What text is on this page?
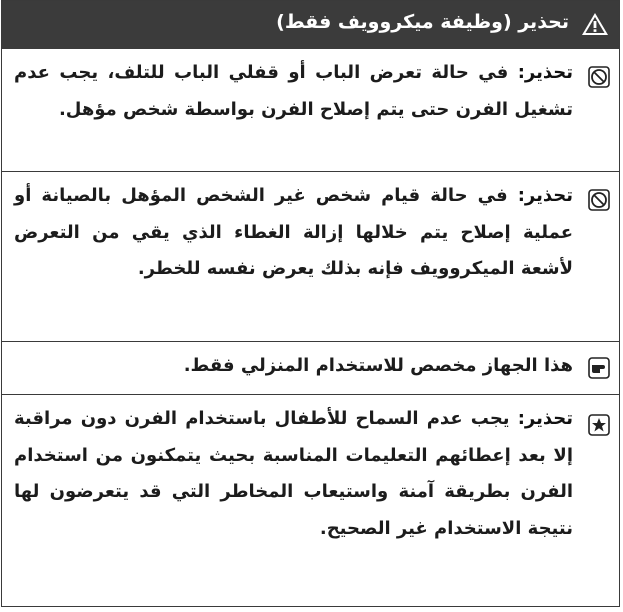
تحذير (وظيفة ميكروويف فقط)
تحذير: في حالة تعرض الباب أو قفلي الباب للتلف، يجب عدم تشغيل الفرن حتى يتم إصلاح الفرن بواسطة شخص مؤهل.
تحذير: في حالة قيام شخص غير الشخص المؤهل بالصيانة أو عملية إصلاح يتم خلالها إزالة الغطاء الذي يقي من التعرض لأشعة الميكروويف فإنه بذلك يعرض نفسه للخطر.
هذا الجهاز مخصص للاستخدام المنزلي فقط.
تحذير: يجب عدم السماح للأطفال باستخدام الفرن دون مراقبة إلا بعد إعطائهم التعليمات المناسبة بحيث يتمكنون من استخدام الفرن بطريقة آمنة واستيعاب المخاطر التي قد يتعرضون لها نتيجة الاستخدام غير الصحيح.
